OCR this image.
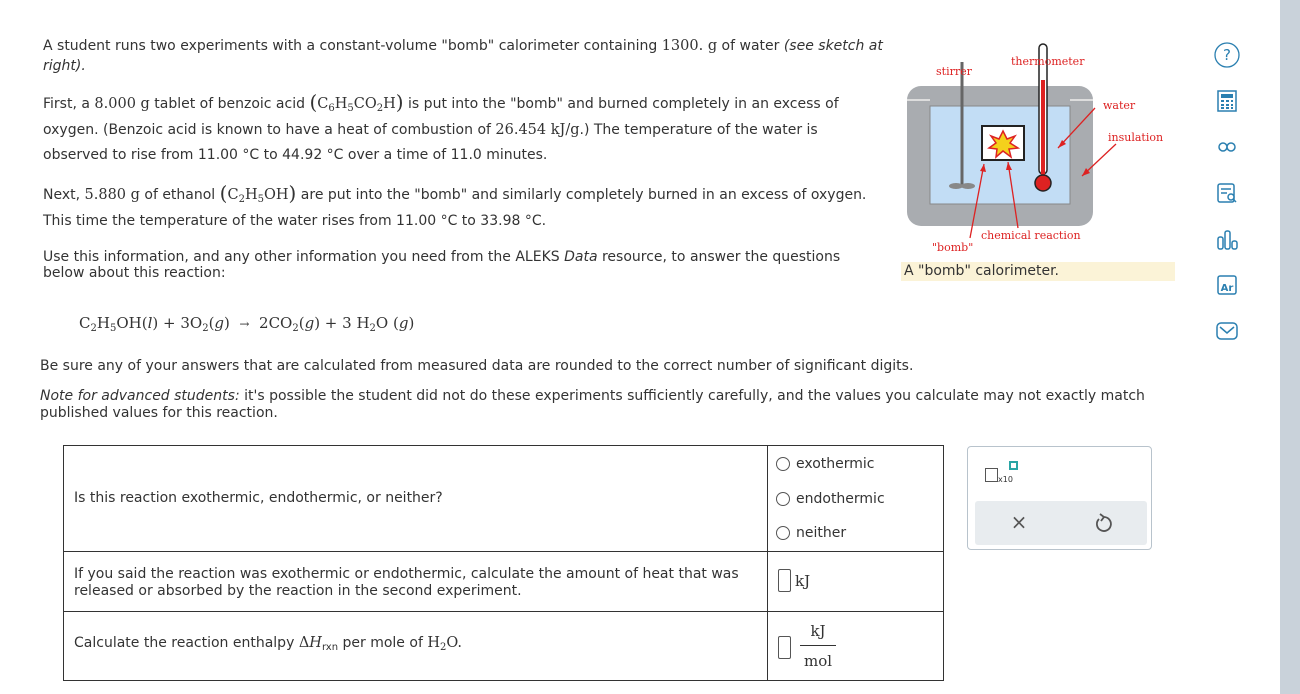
A student runs two experiments with a constant-volume "bomb" calorimeter containing 1300. g of water (see sketch at
right).
First, a 8.000 g tablet of benzoic acid $(C_6H_5CO_2H)$ is put into the "bomb" and burned completely in an excess of
oxygen. (Benzoic acid is known to have a heat of combustion of 26.454 kJ/g.) The temperature of the water is
observed to rise from 11.00 °C to 44.92 °C over a time of 11.0 minutes.
Next, 5.880 g of ethanol $(C_2H_5OH)$ are put into the "bomb" and similarly completely burned in an excess of oxygen.
This time the temperature of the water rises from 11.00 °C to 33.98 °C.
Use this information, and any other information you need from the ALEKS Data resource, to answer the questions
below about this reaction:
$C_2H_5OH(l) + 3O_2(g) \to 2CO_2(g) + 3$ $H_2O$ (g)
Be sure any of your answers that are calculated from measured data are rounded to the correct number of significant digits.
Note for advanced students: it's possible the student did not do these experiments sufficiently carefully, and the values you calculate may not exactly match
published values for this reaction.
stirrer
thermometer
water
insulation
chemical reaction
"bomb"
A "bomb" calorimeter.
Is this reaction exothermic, endothermic, or neither?
exothermic
endothermic
neither
If you said the reaction was exothermic or endothermic, calculate the amount of heat that was
released or absorbed by the reaction in the second experiment.
kJ
Calculate the reaction enthalpy $\Delta H_{rxn}$ per mole of $H_2O$.
kJ
mol
x10
×
?
Ar
